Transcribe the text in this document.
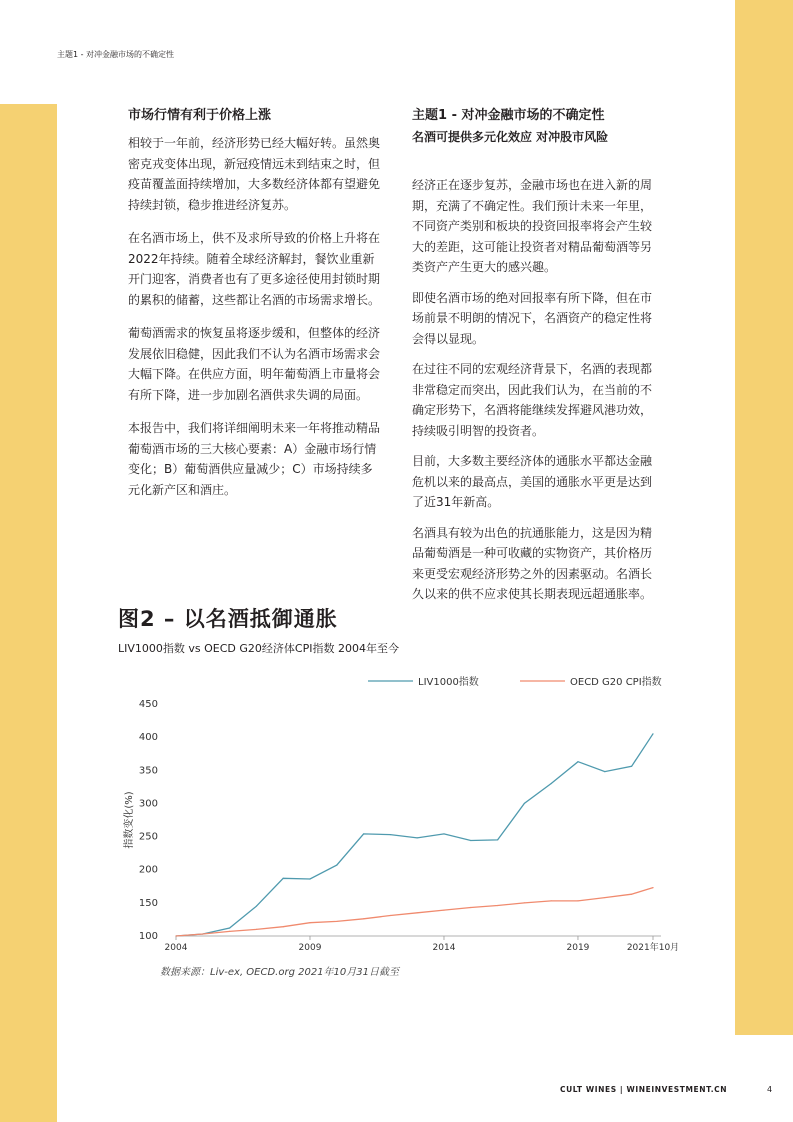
主题1 - 对冲金融市场的不确定性
市场行情有利于价格上涨

相较于一年前，经济形势已经大幅好转。虽然奥密克戎变体出现，新冠疫情远未到结束之时，但疫苗覆盖面持续增加，大多数经济体都有望避免持续封锁，稳步推进经济复苏。

在名酒市场上，供不及求所导致的价格上升将在2022年持续。随着全球经济解封，餐饮业重新开门迎客，消费者也有了更多途径使用封锁时期的累积的储蓄，这些都让名酒的市场需求增长。

葡萄酒需求的恢复虽将逐步缓和，但整体的经济发展依旧稳健，因此我们不认为名酒市场需求会大幅下降。在供应方面，明年葡萄酒上市量将会有所下降，进一步加剧名酒供求失调的局面。

本报告中，我们将详细阐明未来一年将推动精品葡萄酒市场的三大核心要素：A）金融市场行情变化；B）葡萄酒供应量减少；C）市场持续多元化新产区和酒庄。

主题1 - 对冲金融市场的不确定性
名酒可提供多元化效应 对冲股市风险

经济正在逐步复苏，金融市场也在进入新的周期，充满了不确定性。我们预计未来一年里，不同资产类别和板块的投资回报率将会产生较大的差距，这可能让投资者对精品葡萄酒等另类资产产生更大的感兴趣。

即使名酒市场的绝对回报率有所下降，但在市场前景不明朗的情况下，名酒资产的稳定性将会得以显现。

在过往不同的宏观经济背景下，名酒的表现都非常稳定而突出，因此我们认为，在当前的不确定形势下，名酒将能继续发挥避风港功效，持续吸引明智的投资者。

目前，大多数主要经济体的通胀水平都达金融危机以来的最高点，美国的通胀水平更是达到了近31年新高。

名酒具有较为出色的抗通胀能力，这是因为精品葡萄酒是一种可收藏的实物资产，其价格历来更受宏观经济形势之外的因素驱动。名酒长久以来的供不应求使其长期表现远超通胀率。

图2 – 以名酒抵御通胀
LIV1000指数 vs OECD G20经济体CPI指数 2004年至今
100
150
200
250
300
350
400
450
2004	2009	2014	2019	2021年10月
指数变化(%)
LIV1000指数	OECD G20 CPI指数
数据来源：Liv-ex, OECD.org 2021年10月31日截至
CULT WINES | WINEINVESTMENT.CN	4
